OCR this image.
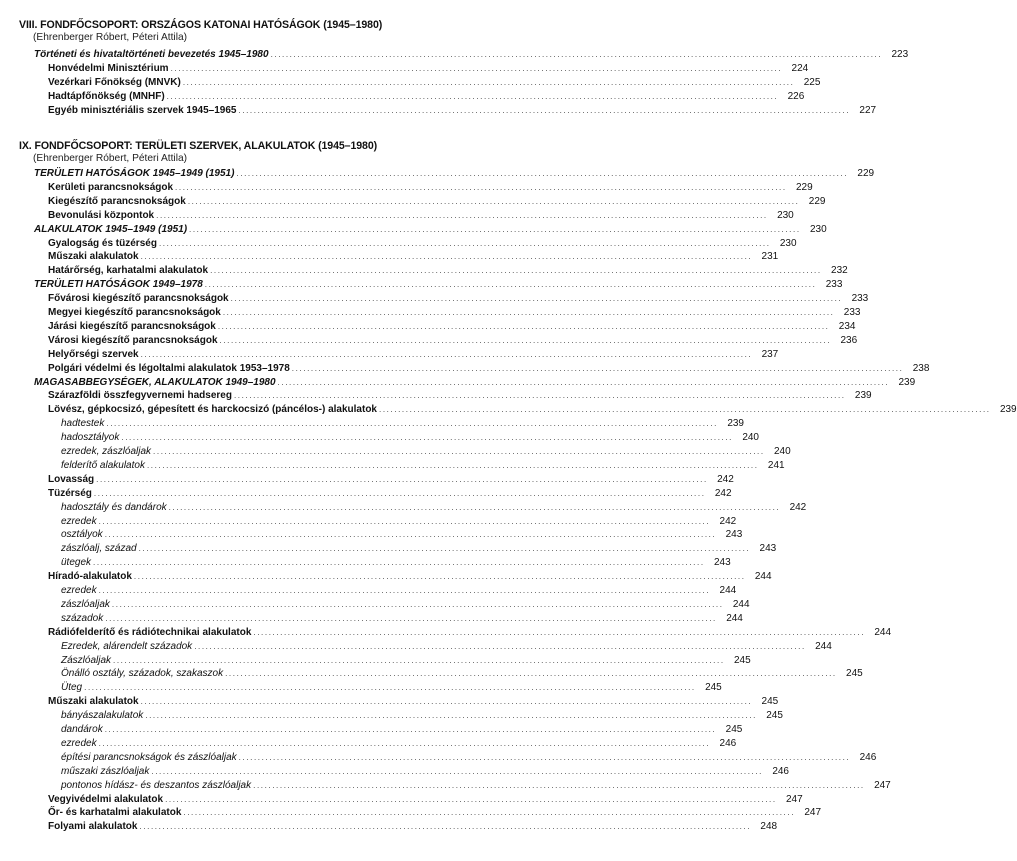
VIII. FONDFŐCSOPORT: ORSZÁGOS KATONAI HATÓSÁGOK (1945–1980)
(Ehrenberger Róbert, Péteri Attila)
Történeti és hivataltörténeti bevezetés 1945–1980 ................................................................................................................................................................ 223
Honvédelmi Minisztérium ................................................................................................................................................................ 224
Vezérkari Főnökség (MNVK) ................................................................................................................................................................ 225
Hadtápfőnökség (MNHF) ................................................................................................................................................................ 226
Egyéb minisztériális szervek 1945–1965 ................................................................................................................................................................ 227
IX. FONDFŐCSOPORT: TERÜLETI SZERVEK, ALAKULATOK (1945–1980)
(Ehrenberger Róbert, Péteri Attila)
TERÜLETI HATÓSÁGOK 1945–1949 (1951) ................................................................................................................................................................ 229
Kerületi parancsnokságok ................................................................................................................................................................ 229
Kiegészítő parancsnokságok ................................................................................................................................................................ 229
Bevonulási központok ................................................................................................................................................................ 230
ALAKULATOK 1945–1949 (1951) ................................................................................................................................................................ 230
Gyalogság és tüzérség ................................................................................................................................................................ 230
Műszaki alakulatok ................................................................................................................................................................ 231
Határőrség, karhatalmi alakulatok ................................................................................................................................................................ 232
TERÜLETI HATÓSÁGOK 1949–1978 ................................................................................................................................................................ 233
Fővárosi kiegészítő parancsnokságok ................................................................................................................................................................ 233
Megyei kiegészítő parancsnokságok ................................................................................................................................................................ 233
Járási kiegészítő parancsnokságok ................................................................................................................................................................ 234
Városi kiegészítő parancsnokságok ................................................................................................................................................................ 236
Helyőrségi szervek ................................................................................................................................................................ 237
Polgári védelmi és légoltalmi alakulatok 1953–1978 ................................................................................................................................................................ 238
MAGASABBEGYSÉGEK, ALAKULATOK 1949–1980 ................................................................................................................................................................ 239
Szárazföldi összfegyvernemi hadsereg ................................................................................................................................................................ 239
Lövész, gépkocsizó, gépesített és harckocsizó (páncélos-) alakulatok ................................................................................................................................................................ 239
hadtestek ................................................................................................................................................................ 239
hadosztályok ................................................................................................................................................................ 240
ezredek, zászlóaljak ................................................................................................................................................................ 240
felderítő alakulatok ................................................................................................................................................................ 241
Lovasság ................................................................................................................................................................ 242
Tüzérség ................................................................................................................................................................ 242
hadosztály és dandárok ................................................................................................................................................................ 242
ezredek ................................................................................................................................................................ 242
osztályok ................................................................................................................................................................ 243
zászlóalj, század ................................................................................................................................................................ 243
ütegek ................................................................................................................................................................ 243
Híradó-alakulatok ................................................................................................................................................................ 244
ezredek ................................................................................................................................................................ 244
zászlóaljak ................................................................................................................................................................ 244
századok ................................................................................................................................................................ 244
Rádiófelderítő és rádiótechnikai alakulatok ................................................................................................................................................................ 244
Ezredek, alárendelt századok ................................................................................................................................................................ 244
Zászlóaljak ................................................................................................................................................................ 245
Önálló osztály, századok, szakaszok ................................................................................................................................................................ 245
Üteg ................................................................................................................................................................ 245
Műszaki alakulatok ................................................................................................................................................................ 245
bányászalakulatok ................................................................................................................................................................ 245
dandárok ................................................................................................................................................................ 245
ezredek ................................................................................................................................................................ 246
építési parancsnokságok és zászlóaljak ................................................................................................................................................................ 246
műszaki zászlóaljak ................................................................................................................................................................ 246
pontonos hídász- és deszantos zászlóaljak ................................................................................................................................................................ 247
Vegyivédelmi alakulatok ................................................................................................................................................................ 247
Őr- és karhatalmi alakulatok ................................................................................................................................................................ 247
Folyami alakulatok ................................................................................................................................................................ 248
